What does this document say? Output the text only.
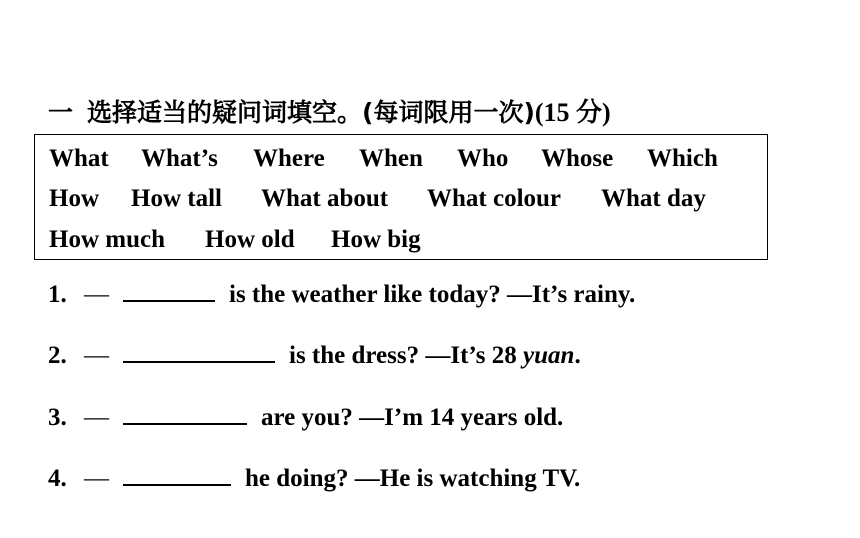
一 选择适当的疑问词填空。(每词限用一次)(15 分)
What What’s Where When Who Whose Which
How How tall What about What colour What day
How much How old How big
1. —	is the weather like today? —It’s rainy.
2. —	is the dress? —It’s 28 yuan.
3. —	are you? —I’m 14 years old.
4. —	he doing? —He is watching TV.
